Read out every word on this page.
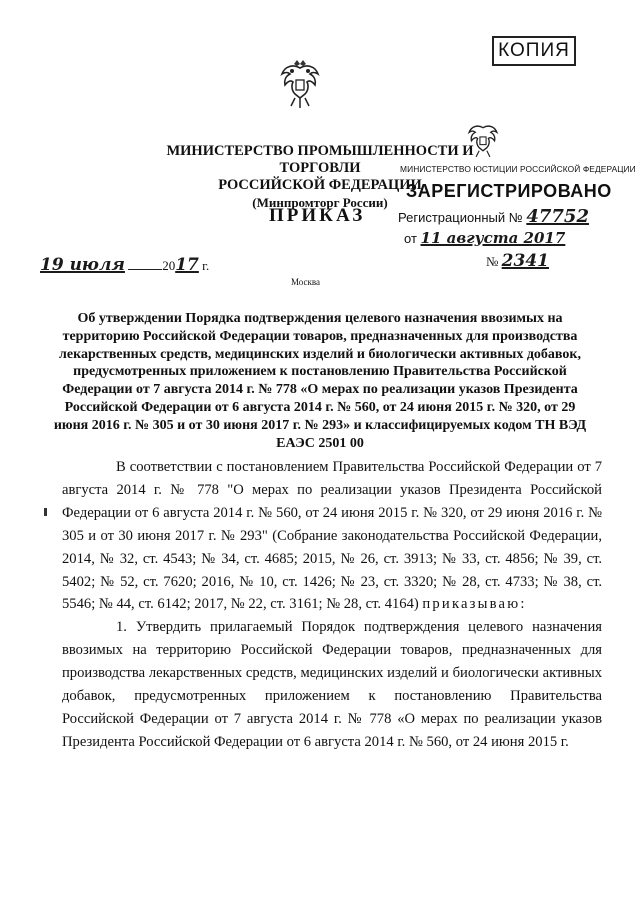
КОПИЯ
МИНИСТЕРСТВО ПРОМЫШЛЕННОСТИ И ТОРГОВЛИ
РОССИЙСКОЙ ФЕДЕРАЦИИ
(Минпромторг России)
ПРИКАЗ
МИНИСТЕРСТВО ЮСТИЦИИ РОССИЙСКОЙ ФЕДЕРАЦИИ
ЗАРЕГИСТРИРОВАНО
Регистрационный № 47752
от 11 августа 2017
19 июля	2017 г.	№ 2341
Москва
Об утверждении Порядка подтверждения целевого назначения ввозимых на территорию Российской Федерации товаров, предназначенных для производства лекарственных средств, медицинских изделий и биологически активных добавок, предусмотренных приложением к постановлению Правительства Российской Федерации от 7 августа 2014 г. № 778 «О мерах по реализации указов Президента Российской Федерации от 6 августа 2014 г. № 560, от 24 июня 2015 г. № 320, от 29 июня 2016 г. № 305 и от 30 июня 2017 г. № 293» и классифицируемых кодом ТН ВЭД ЕАЭС 2501 00

В соответствии с постановлением Правительства Российской Федерации от 7 августа 2014 г. № 778 "О мерах по реализации указов Президента Российской Федерации от 6 августа 2014 г. № 560, от 24 июня 2015 г. № 320, от 29 июня 2016 г. № 305 и от 30 июня 2017 г. № 293" (Собрание законодательства Российской Федерации, 2014, № 32, ст. 4543; № 34, ст. 4685; 2015, № 26, ст. 3913; № 33, ст. 4856; № 39, ст. 5402; № 52, ст. 7620; 2016, № 10, ст. 1426; № 23, ст. 3320; № 28, ст. 4733; № 38, ст. 5546; № 44, ст. 6142; 2017, № 22, ст. 3161; № 28, ст. 4164) приказываю:

1. Утвердить прилагаемый Порядок подтверждения целевого назначения ввозимых на территорию Российской Федерации товаров, предназначенных для производства лекарственных средств, медицинских изделий и биологически активных добавок, предусмотренных приложением к постановлению Правительства Российской Федерации от 7 августа 2014 г. № 778 «О мерах по реализации указов Президента Российской Федерации от 6 августа 2014 г. № 560, от 24 июня 2015 г.
